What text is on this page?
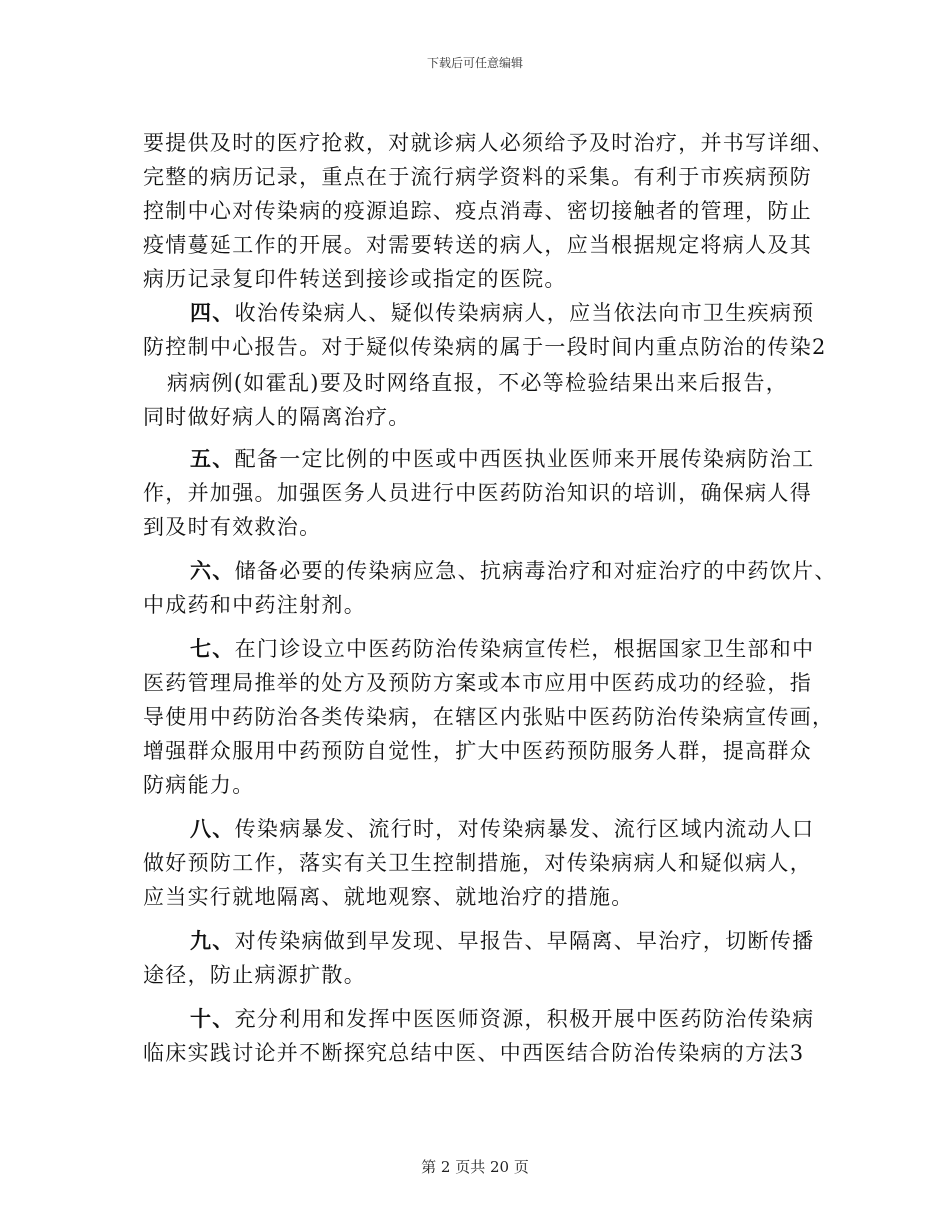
下载后可任意编辑
要提供及时的医疗抢救，对就诊病人必须给予及时治疗，并书写详细、
完整的病历记录，重点在于流行病学资料的采集。有利于市疾病预防
控制中心对传染病的疫源追踪、疫点消毒、密切接触者的管理，防止
疫情蔓延工作的开展。对需要转送的病人，应当根据规定将病人及其
病历记录复印件转送到接诊或指定的医院。
四、收治传染病人、疑似传染病病人，应当依法向市卫生疾病预
防控制中心报告。对于疑似传染病的属于一段时间内重点防治的传染2
病病例(如霍乱)要及时网络直报，不必等检验结果出来后报告，
同时做好病人的隔离治疗。
五、配备一定比例的中医或中西医执业医师来开展传染病防治工
作，并加强。加强医务人员进行中医药防治知识的培训，确保病人得
到及时有效救治。
六、储备必要的传染病应急、抗病毒治疗和对症治疗的中药饮片、
中成药和中药注射剂。
七、在门诊设立中医药防治传染病宣传栏，根据国家卫生部和中
医药管理局推举的处方及预防方案或本市应用中医药成功的经验，指
导使用中药防治各类传染病，在辖区内张贴中医药防治传染病宣传画，
增强群众服用中药预防自觉性，扩大中医药预防服务人群，提高群众
防病能力。
八、传染病暴发、流行时，对传染病暴发、流行区域内流动人口
做好预防工作，落实有关卫生控制措施，对传染病病人和疑似病人，
应当实行就地隔离、就地观察、就地治疗的措施。
九、对传染病做到早发现、早报告、早隔离、早治疗，切断传播
途径，防止病源扩散。
十、充分利用和发挥中医医师资源，积极开展中医药防治传染病
临床实践讨论并不断探究总结中医、中西医结合防治传染病的方法3
第 2 页共 20 页
